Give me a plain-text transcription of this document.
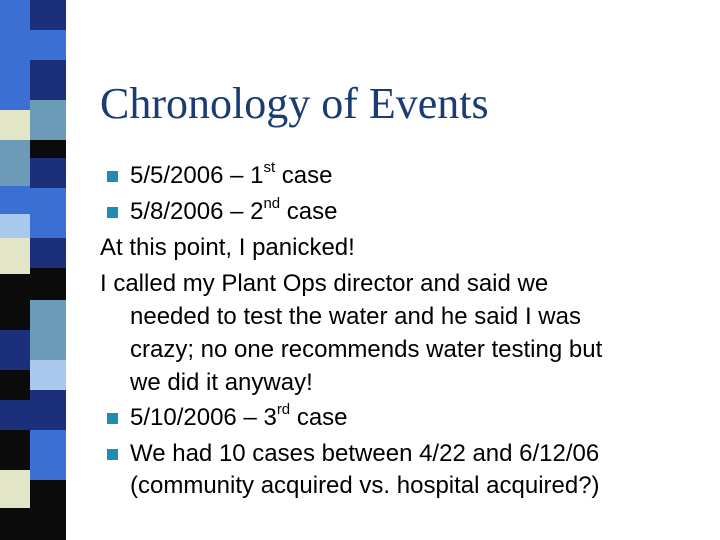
Chronology of Events
5/5/2006 – 1st case
5/8/2006 – 2nd case
At this point, I panicked!
I called my Plant Ops director and said we
needed to test the water and he said I was
crazy; no one recommends water testing but
we did it anyway!
5/10/2006 – 3rd case
We had 10 cases between 4/22 and 6/12/06
(community acquired vs. hospital acquired?)
